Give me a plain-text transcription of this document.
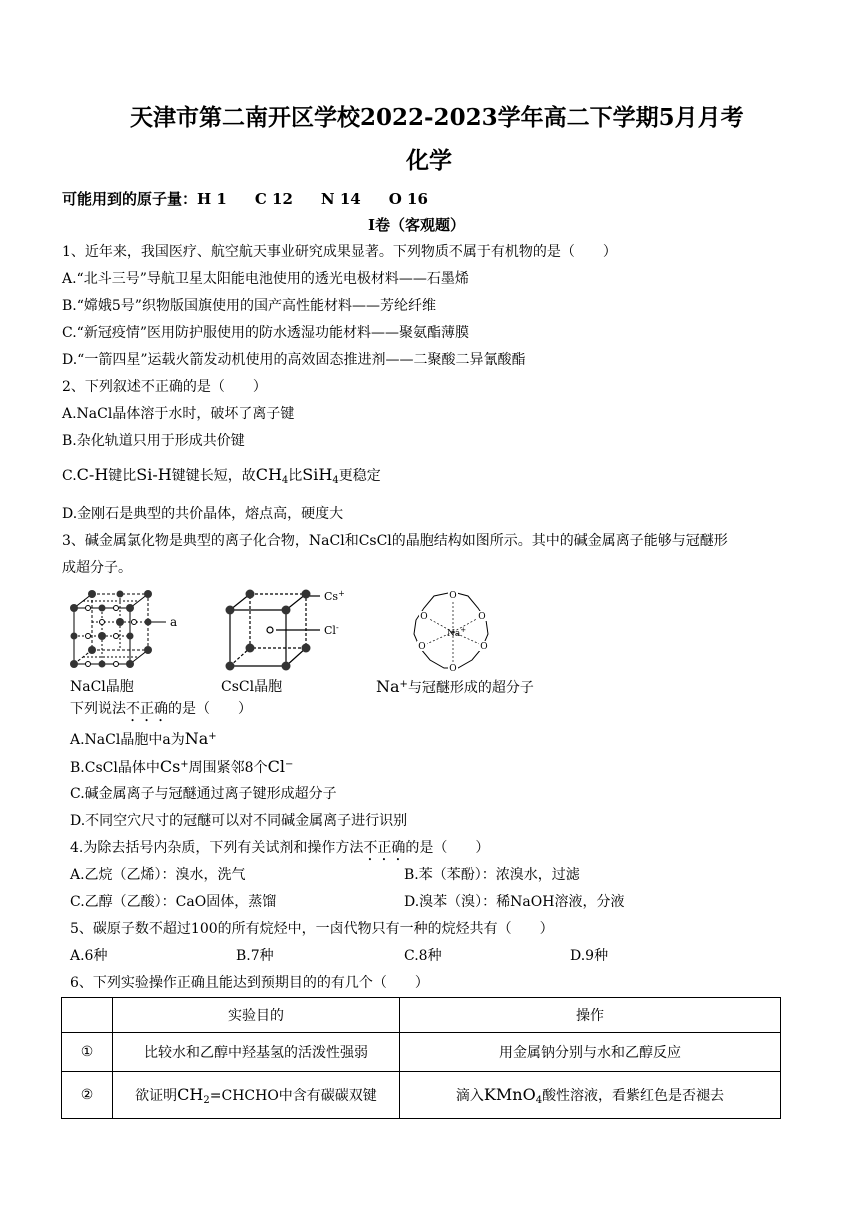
天津市第二南开区学校2022-2023学年高二下学期5月月考
化学
可能用到的原子量：H 1 C 12 N 14 O 16
Ⅰ卷（客观题）
1、近年来，我国医疗、航空航天事业研究成果显著。下列物质不属于有机物的是（　　）
A.“北斗三号”导航卫星太阳能电池使用的透光电极材料——石墨烯
B.“嫦娥5号”织物版国旗使用的国产高性能材料——芳纶纤维
C.“新冠疫情”医用防护服使用的防水透湿功能材料——聚氨酯薄膜
D.“一箭四星”运载火箭发动机使用的高效固态推进剂——二聚酸二异氰酸酯
2、下列叙述不正确的是（　　）
A.NaCl晶体溶于水时，破坏了离子键
B.杂化轨道只用于形成共价键
C.C-H键比Si-H键键长短，故$CH_4$比SiH$_4$更稳定
D.金刚石是典型的共价晶体，熔点高，硬度大
3、碱金属氯化物是典型的离子化合物，NaCl和CsCl的晶胞结构如图所示。其中的碱金属离子能够与冠醚形
成超分子。
a
NaCl晶胞
Cs+
Cl-
CsCl晶胞
O
O
O
O
O
O
Na+
Na+与冠醚形成的超分子
下列说法不正确的是（　　）
A.NaCl晶胞中a为Na+
B.CsCl晶体中Cs+周围紧邻8个Cl−
C.碱金属离子与冠醚通过离子键形成超分子
D.不同空穴尺寸的冠醚可以对不同碱金属离子进行识别
4.为除去括号内杂质，下列有关试剂和操作方法不正确的是（　　）
A.乙烷（乙烯）：溴水，洗气	B.苯（苯酚）：浓溴水，过滤
C.乙醇（乙酸）：CaO固体，蒸馏	D.溴苯（溴）：稀NaOH溶液，分液
5、碳原子数不超过100的所有烷烃中，一卤代物只有一种的烷烃共有（　　）
A.6种	B.7种	C.8种	D.9种
6、下列实验操作正确且能达到预期目的的有几个（　　）
	实验目的	操作
①	比较水和乙醇中羟基氢的活泼性强弱	用金属钠分别与水和乙醇反应
②	欲证明$CH_2=CHCHO$中含有碳碳双键	滴入KMnO$_4$酸性溶液，看紫红色是否褪去
